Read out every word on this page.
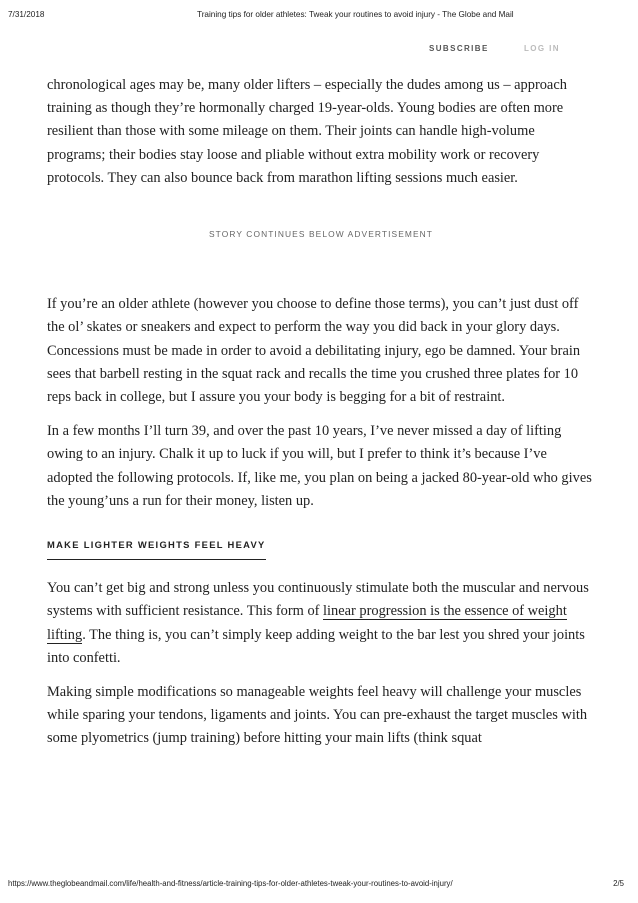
7/31/2018	Training tips for older athletes: Tweak your routines to avoid injury - The Globe and Mail
SUBSCRIBE	LOG IN

chronological ages may be, many older lifters – especially the dudes among us – approach training as though they’re hormonally charged 19-year-olds. Young bodies are often more resilient than those with some mileage on them. Their joints can handle high-volume programs; their bodies stay loose and pliable without extra mobility work or recovery protocols. They can also bounce back from marathon lifting sessions much easier.

STORY CONTINUES BELOW ADVERTISEMENT

If you’re an older athlete (however you choose to define those terms), you can’t just dust off the ol’ skates or sneakers and expect to perform the way you did back in your glory days. Concessions must be made in order to avoid a debilitating injury, ego be damned. Your brain sees that barbell resting in the squat rack and recalls the time you crushed three plates for 10 reps back in college, but I assure you your body is begging for a bit of restraint.

In a few months I’ll turn 39, and over the past 10 years, I’ve never missed a day of lifting owing to an injury. Chalk it up to luck if you will, but I prefer to think it’s because I’ve adopted the following protocols. If, like me, you plan on being a jacked 80-year-old who gives the young’uns a run for their money, listen up.

MAKE LIGHTER WEIGHTS FEEL HEAVY

You can’t get big and strong unless you continuously stimulate both the muscular and nervous systems with sufficient resistance. This form of linear progression is the essence of weight lifting. The thing is, you can’t simply keep adding weight to the bar lest you shred your joints into confetti.

Making simple modifications so manageable weights feel heavy will challenge your muscles while sparing your tendons, ligaments and joints. You can pre-exhaust the target muscles with some plyometrics (jump training) before hitting your main lifts (think squat

https://www.theglobeandmail.com/life/health-and-fitness/article-training-tips-for-older-athletes-tweak-your-routines-to-avoid-injury/	2/5
